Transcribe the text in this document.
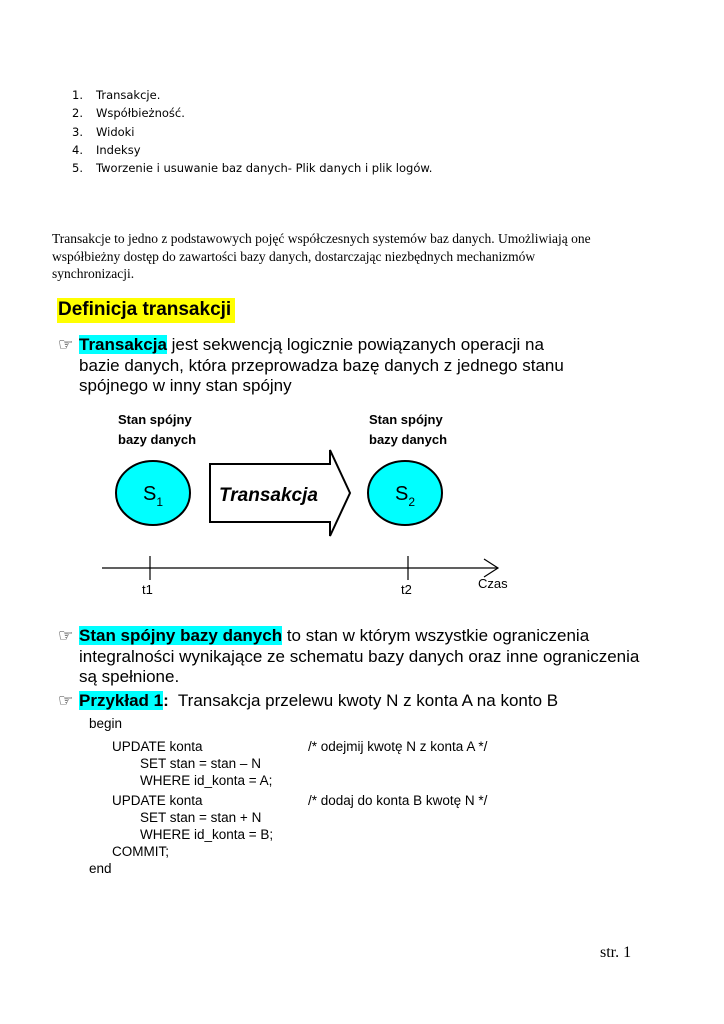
1. Transakcje.
2. Współbieżność.
3. Widoki
4. Indeksy
5. Tworzenie i usuwanie baz danych- Plik danych i plik logów.

Transakcje to jedno z podstawowych pojęć współczesnych systemów baz danych. Umożliwiają one
współbieżny dostęp do zawartości bazy danych, dostarczając niezbędnych mechanizmów
synchronizacji.

Definicja transakcji
☞ Transakcja jest sekwencją logicznie powiązanych operacji na
bazie danych, która przeprowadza bazę danych z jednego stanu
spójnego w inny stan spójny
Stan spójny
bazy danych
Stan spójny
bazy danych
$S_1$	Transakcja	$S_2$
t1	t2	Czas
☞ Stan spójny bazy danych to stan w którym wszystkie ograniczenia
integralności wynikające ze schematu bazy danych oraz inne ograniczenia
są spełnione.
☞ Przykład 1:  Transakcja przelewu kwoty N z konta A na konto B
begin
UPDATE konta	/* odejmij kwotę N z konta A */
SET stan = stan – N
WHERE id_konta = A;
UPDATE konta	/* dodaj do konta B kwotę N */
SET stan = stan + N
WHERE id_konta = B;
COMMIT;
end
str. 1
